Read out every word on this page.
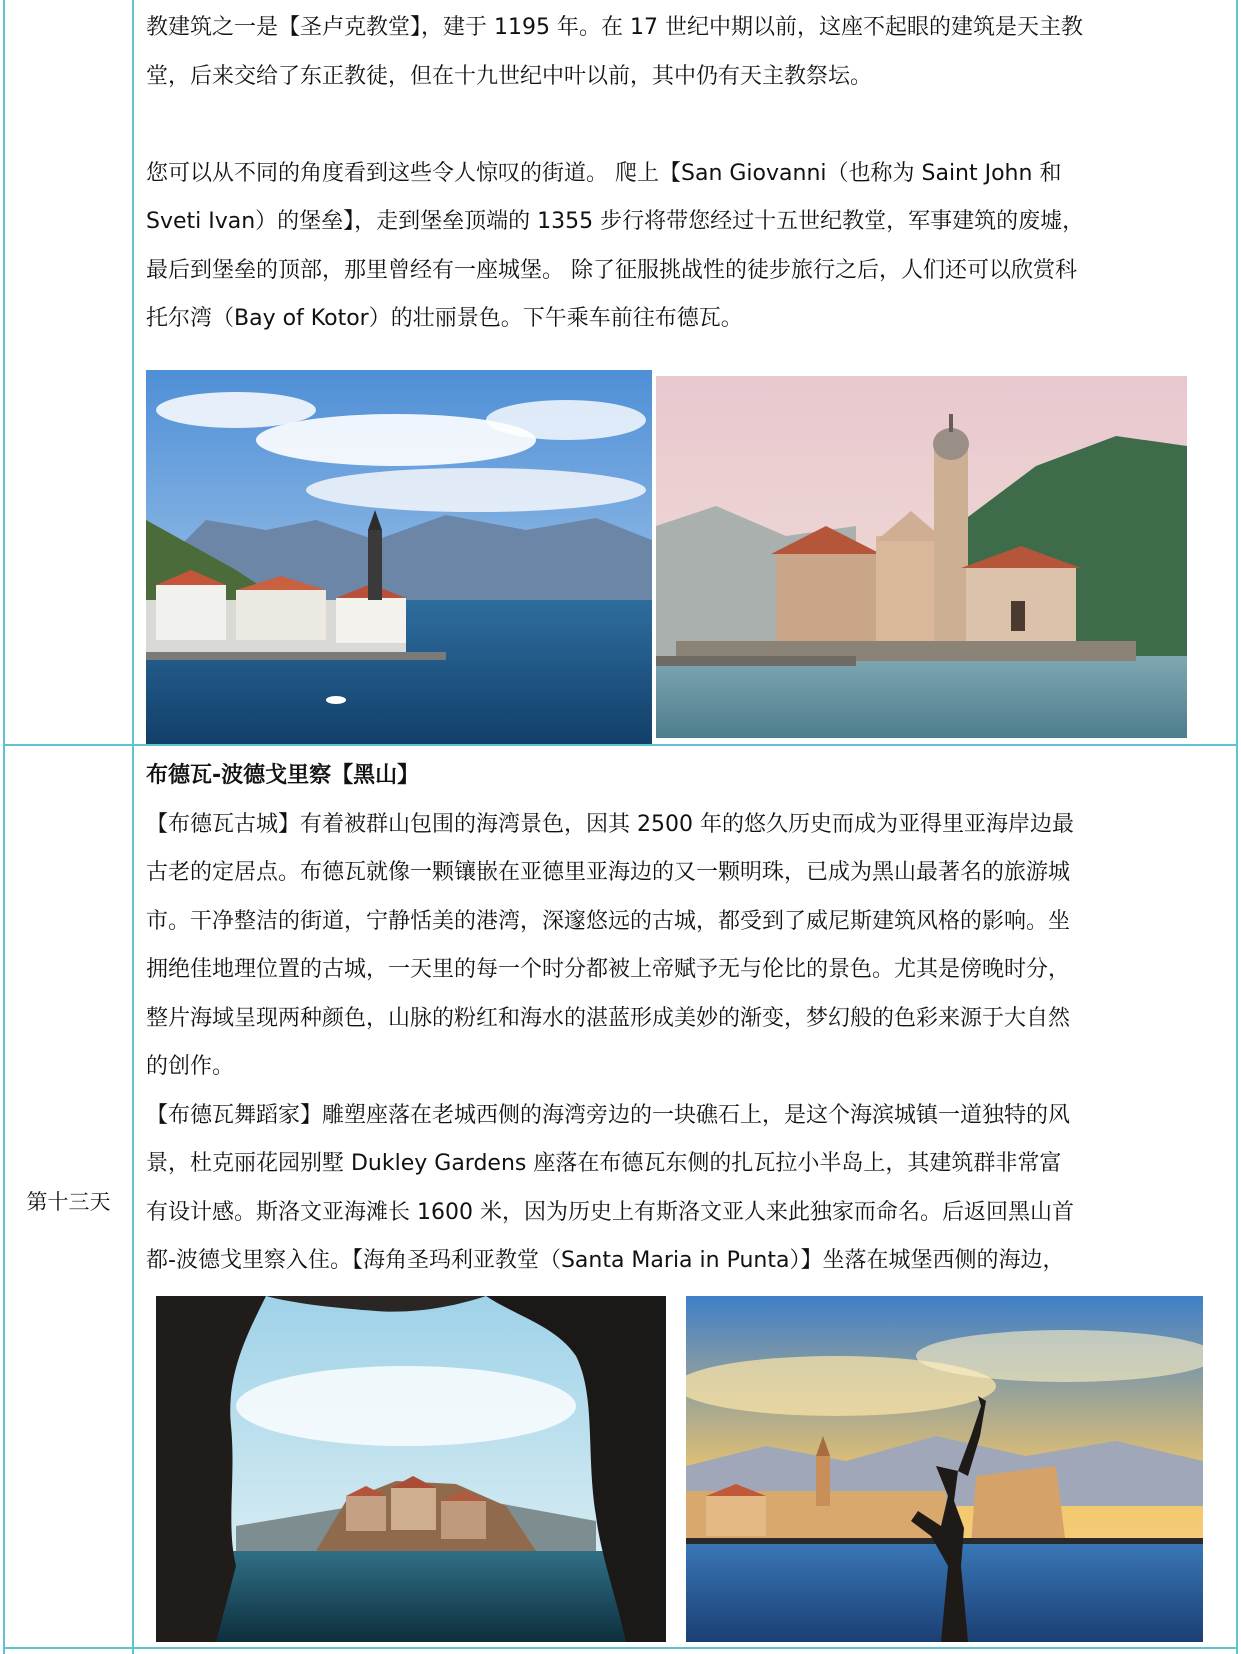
教建筑之一是【圣卢克教堂】，建于 1195 年。在 17 世纪中期以前，这座不起眼的建筑是天主教

堂，后来交给了东正教徒，但在十九世纪中叶以前，其中仍有天主教祭坛。

您可以从不同的角度看到这些令人惊叹的街道。 爬上【San Giovanni（也称为 Saint John 和

Sveti Ivan）的堡垒】，走到堡垒顶端的 1355 步行将带您经过十五世纪教堂，军事建筑的废墟，

最后到堡垒的顶部，那里曾经有一座城堡。 除了征服挑战性的徒步旅行之后，人们还可以欣赏科

托尔湾（Bay of Kotor）的壮丽景色。下午乘车前往布德瓦。

第十三天

布德瓦-波德戈里察【黑山】

【布德瓦古城】有着被群山包围的海湾景色，因其 2500 年的悠久历史而成为亚得里亚海岸边最

古老的定居点。布德瓦就像一颗镶嵌在亚德里亚海边的又一颗明珠，已成为黑山最著名的旅游城

市。干净整洁的街道，宁静恬美的港湾，深邃悠远的古城，都受到了威尼斯建筑风格的影响。坐

拥绝佳地理位置的古城，一天里的每一个时分都被上帝赋予无与伦比的景色。尤其是傍晚时分，

整片海域呈现两种颜色，山脉的粉红和海水的湛蓝形成美妙的渐变，梦幻般的色彩来源于大自然

的创作。

【布德瓦舞蹈家】雕塑座落在老城西侧的海湾旁边的一块礁石上，是这个海滨城镇一道独特的风

景，杜克丽花园别墅 Dukley Gardens 座落在布德瓦东侧的扎瓦拉小半岛上，其建筑群非常富

有设计感。斯洛文亚海滩长 1600 米，因为历史上有斯洛文亚人来此独家而命名。后返回黑山首

都-波德戈里察入住。【海角圣玛利亚教堂（Santa Maria in Punta）】坐落在城堡西侧的海边，
